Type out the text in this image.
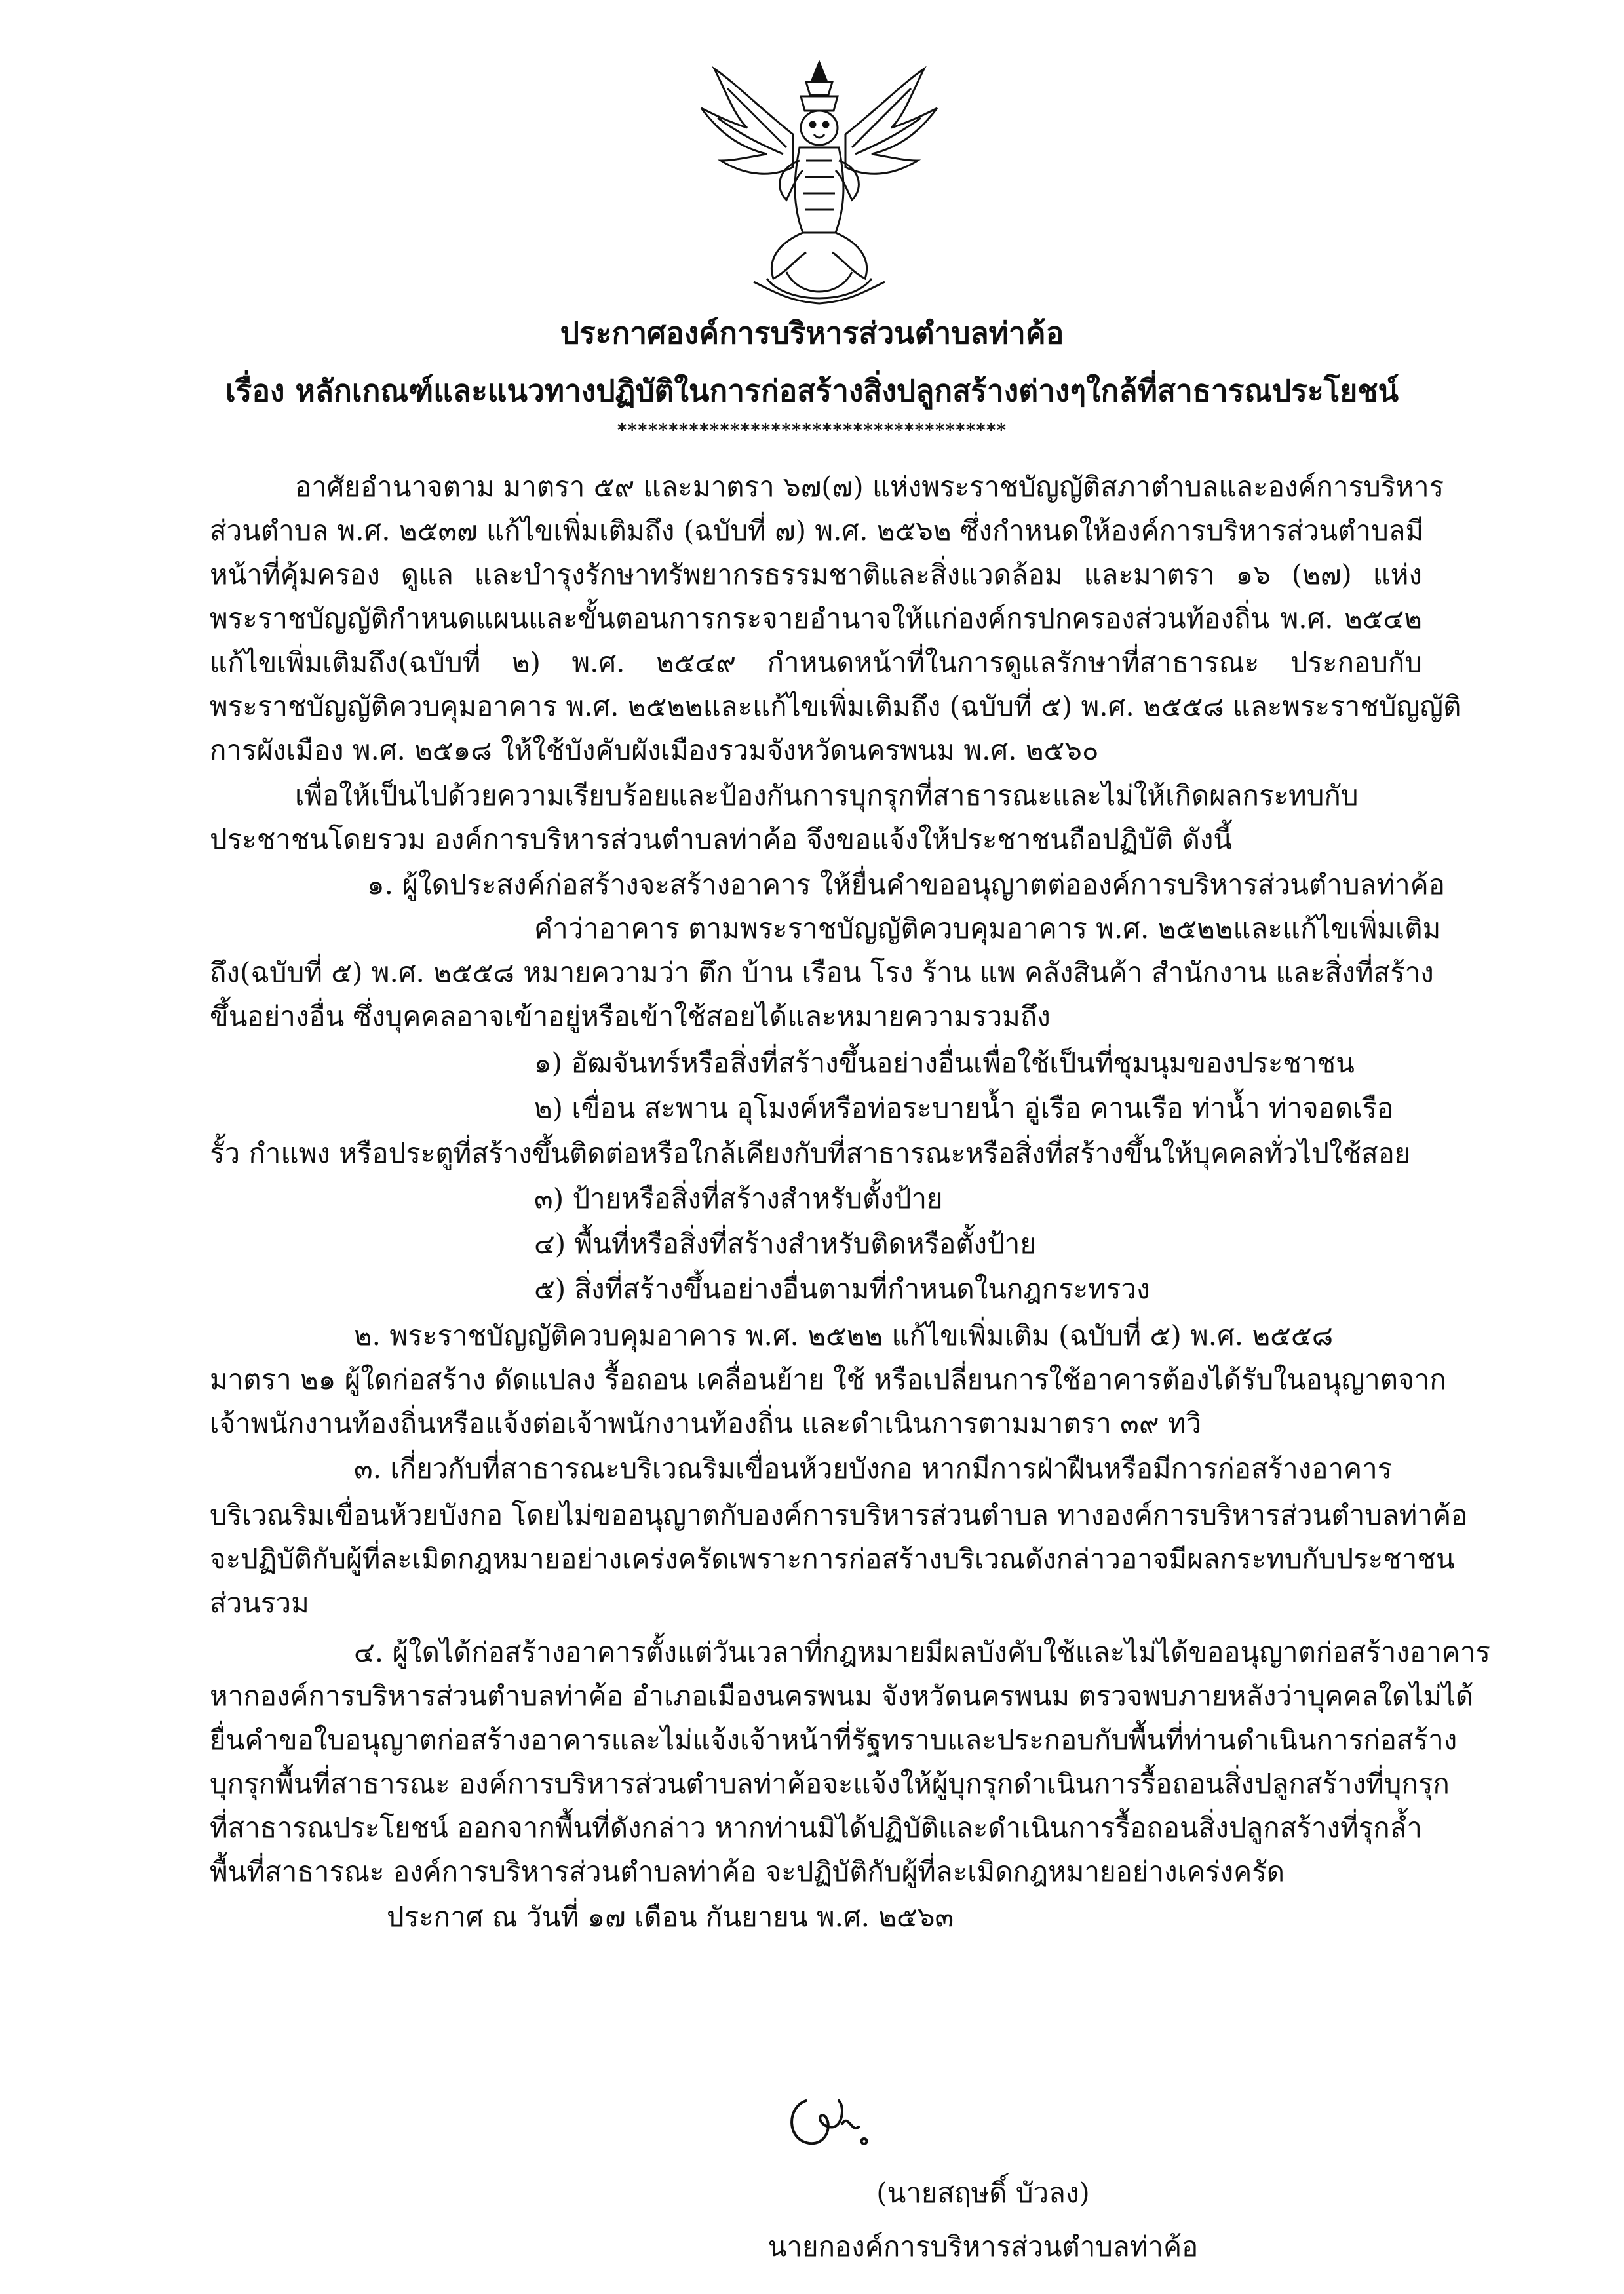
ประกาศองค์การบริหารส่วนตำบลท่าค้อ
เรื่อง หลักเกณฑ์และแนวทางปฏิบัติในการก่อสร้างสิ่งปลูกสร้างต่างๆใกล้ที่สาธารณประโยชน์
**************************************
อาศัยอำนาจตาม มาตรา ๕๙ และมาตรา ๖๗(๗) แห่งพระราชบัญญัติสภาตำบลและองค์การบริหาร
ส่วนตำบล พ.ศ. ๒๕๓๗ แก้ไขเพิ่มเติมถึง (ฉบับที่ ๗) พ.ศ. ๒๕๖๒ ซึ่งกำหนดให้องค์การบริหารส่วนตำบลมี
หน้าที่คุ้มครอง ดูแล และบำรุงรักษาทรัพยากรธรรมชาติและสิ่งแวดล้อม และมาตรา ๑๖ (๒๗) แห่ง
พระราชบัญญัติกำหนดแผนและขั้นตอนการกระจายอำนาจให้แก่องค์กรปกครองส่วนท้องถิ่น พ.ศ. ๒๕๔๒
แก้ไขเพิ่มเติมถึง(ฉบับที่ ๒) พ.ศ. ๒๕๔๙ กำหนดหน้าที่ในการดูแลรักษาที่สาธารณะ ประกอบกับ
พระราชบัญญัติควบคุมอาคาร พ.ศ. ๒๕๒๒และแก้ไขเพิ่มเติมถึง (ฉบับที่ ๕) พ.ศ. ๒๕๕๘ และพระราชบัญญัติ
การผังเมือง พ.ศ. ๒๕๑๘ ให้ใช้บังคับผังเมืองรวมจังหวัดนครพนม พ.ศ. ๒๕๖๐
เพื่อให้เป็นไปด้วยความเรียบร้อยและป้องกันการบุกรุกที่สาธารณะและไม่ให้เกิดผลกระทบกับ
ประชาชนโดยรวม องค์การบริหารส่วนตำบลท่าค้อ จึงขอแจ้งให้ประชาชนถือปฏิบัติ ดังนี้
๑. ผู้ใดประสงค์ก่อสร้างจะสร้างอาคาร ให้ยื่นคำขออนุญาตต่อองค์การบริหารส่วนตำบลท่าค้อ
คำว่าอาคาร ตามพระราชบัญญัติควบคุมอาคาร พ.ศ. ๒๕๒๒และแก้ไขเพิ่มเติม
ถึง(ฉบับที่ ๕) พ.ศ. ๒๕๕๘ หมายความว่า ตึก บ้าน เรือน โรง ร้าน แพ คลังสินค้า สำนักงาน และสิ่งที่สร้าง
ขึ้นอย่างอื่น ซึ่งบุคคลอาจเข้าอยู่หรือเข้าใช้สอยได้และหมายความรวมถึง
๑) อัฒจันทร์หรือสิ่งที่สร้างขึ้นอย่างอื่นเพื่อใช้เป็นที่ชุมนุมของประชาชน
๒) เขื่อน สะพาน อุโมงค์หรือท่อระบายน้ำ อู่เรือ คานเรือ ท่าน้ำ ท่าจอดเรือ
รั้ว กำแพง หรือประตูที่สร้างขึ้นติดต่อหรือใกล้เคียงกับที่สาธารณะหรือสิ่งที่สร้างขึ้นให้บุคคลทั่วไปใช้สอย
๓) ป้ายหรือสิ่งที่สร้างสำหรับตั้งป้าย
๔) พื้นที่หรือสิ่งที่สร้างสำหรับติดหรือตั้งป้าย
๕) สิ่งที่สร้างขึ้นอย่างอื่นตามที่กำหนดในกฎกระทรวง
๒. พระราชบัญญัติควบคุมอาคาร พ.ศ. ๒๕๒๒ แก้ไขเพิ่มเติม (ฉบับที่ ๕) พ.ศ. ๒๕๕๘
มาตรา ๒๑ ผู้ใดก่อสร้าง ดัดแปลง รื้อถอน เคลื่อนย้าย ใช้ หรือเปลี่ยนการใช้อาคารต้องได้รับในอนุญาตจาก
เจ้าพนักงานท้องถิ่นหรือแจ้งต่อเจ้าพนักงานท้องถิ่น และดำเนินการตามมาตรา ๓๙ ทวิ
๓. เกี่ยวกับที่สาธารณะบริเวณริมเขื่อนห้วยบังกอ หากมีการฝ่าฝืนหรือมีการก่อสร้างอาคาร
บริเวณริมเขื่อนห้วยบังกอ โดยไม่ขออนุญาตกับองค์การบริหารส่วนตำบล ทางองค์การบริหารส่วนตำบลท่าค้อ
จะปฏิบัติกับผู้ที่ละเมิดกฎหมายอย่างเคร่งครัดเพราะการก่อสร้างบริเวณดังกล่าวอาจมีผลกระทบกับประชาชน
ส่วนรวม
๔. ผู้ใดได้ก่อสร้างอาคารตั้งแต่วันเวลาที่กฎหมายมีผลบังคับใช้และไม่ได้ขออนุญาตก่อสร้างอาคาร
หากองค์การบริหารส่วนตำบลท่าค้อ อำเภอเมืองนครพนม จังหวัดนครพนม ตรวจพบภายหลังว่าบุคคลใดไม่ได้
ยื่นคำขอใบอนุญาตก่อสร้างอาคารและไม่แจ้งเจ้าหน้าที่รัฐทราบและประกอบกับพื้นที่ท่านดำเนินการก่อสร้าง
บุกรุกพื้นที่สาธารณะ องค์การบริหารส่วนตำบลท่าค้อจะแจ้งให้ผู้บุกรุกดำเนินการรื้อถอนสิ่งปลูกสร้างที่บุกรุก
ที่สาธารณประโยชน์ ออกจากพื้นที่ดังกล่าว หากท่านมิได้ปฏิบัติและดำเนินการรื้อถอนสิ่งปลูกสร้างที่รุกล้ำ
พื้นที่สาธารณะ องค์การบริหารส่วนตำบลท่าค้อ จะปฏิบัติกับผู้ที่ละเมิดกฎหมายอย่างเคร่งครัด
ประกาศ ณ วันที่ ๑๗ เดือน กันยายน พ.ศ. ๒๕๖๓
(นายสฤษดิ์ บัวลง)
นายกองค์การบริหารส่วนตำบลท่าค้อ
